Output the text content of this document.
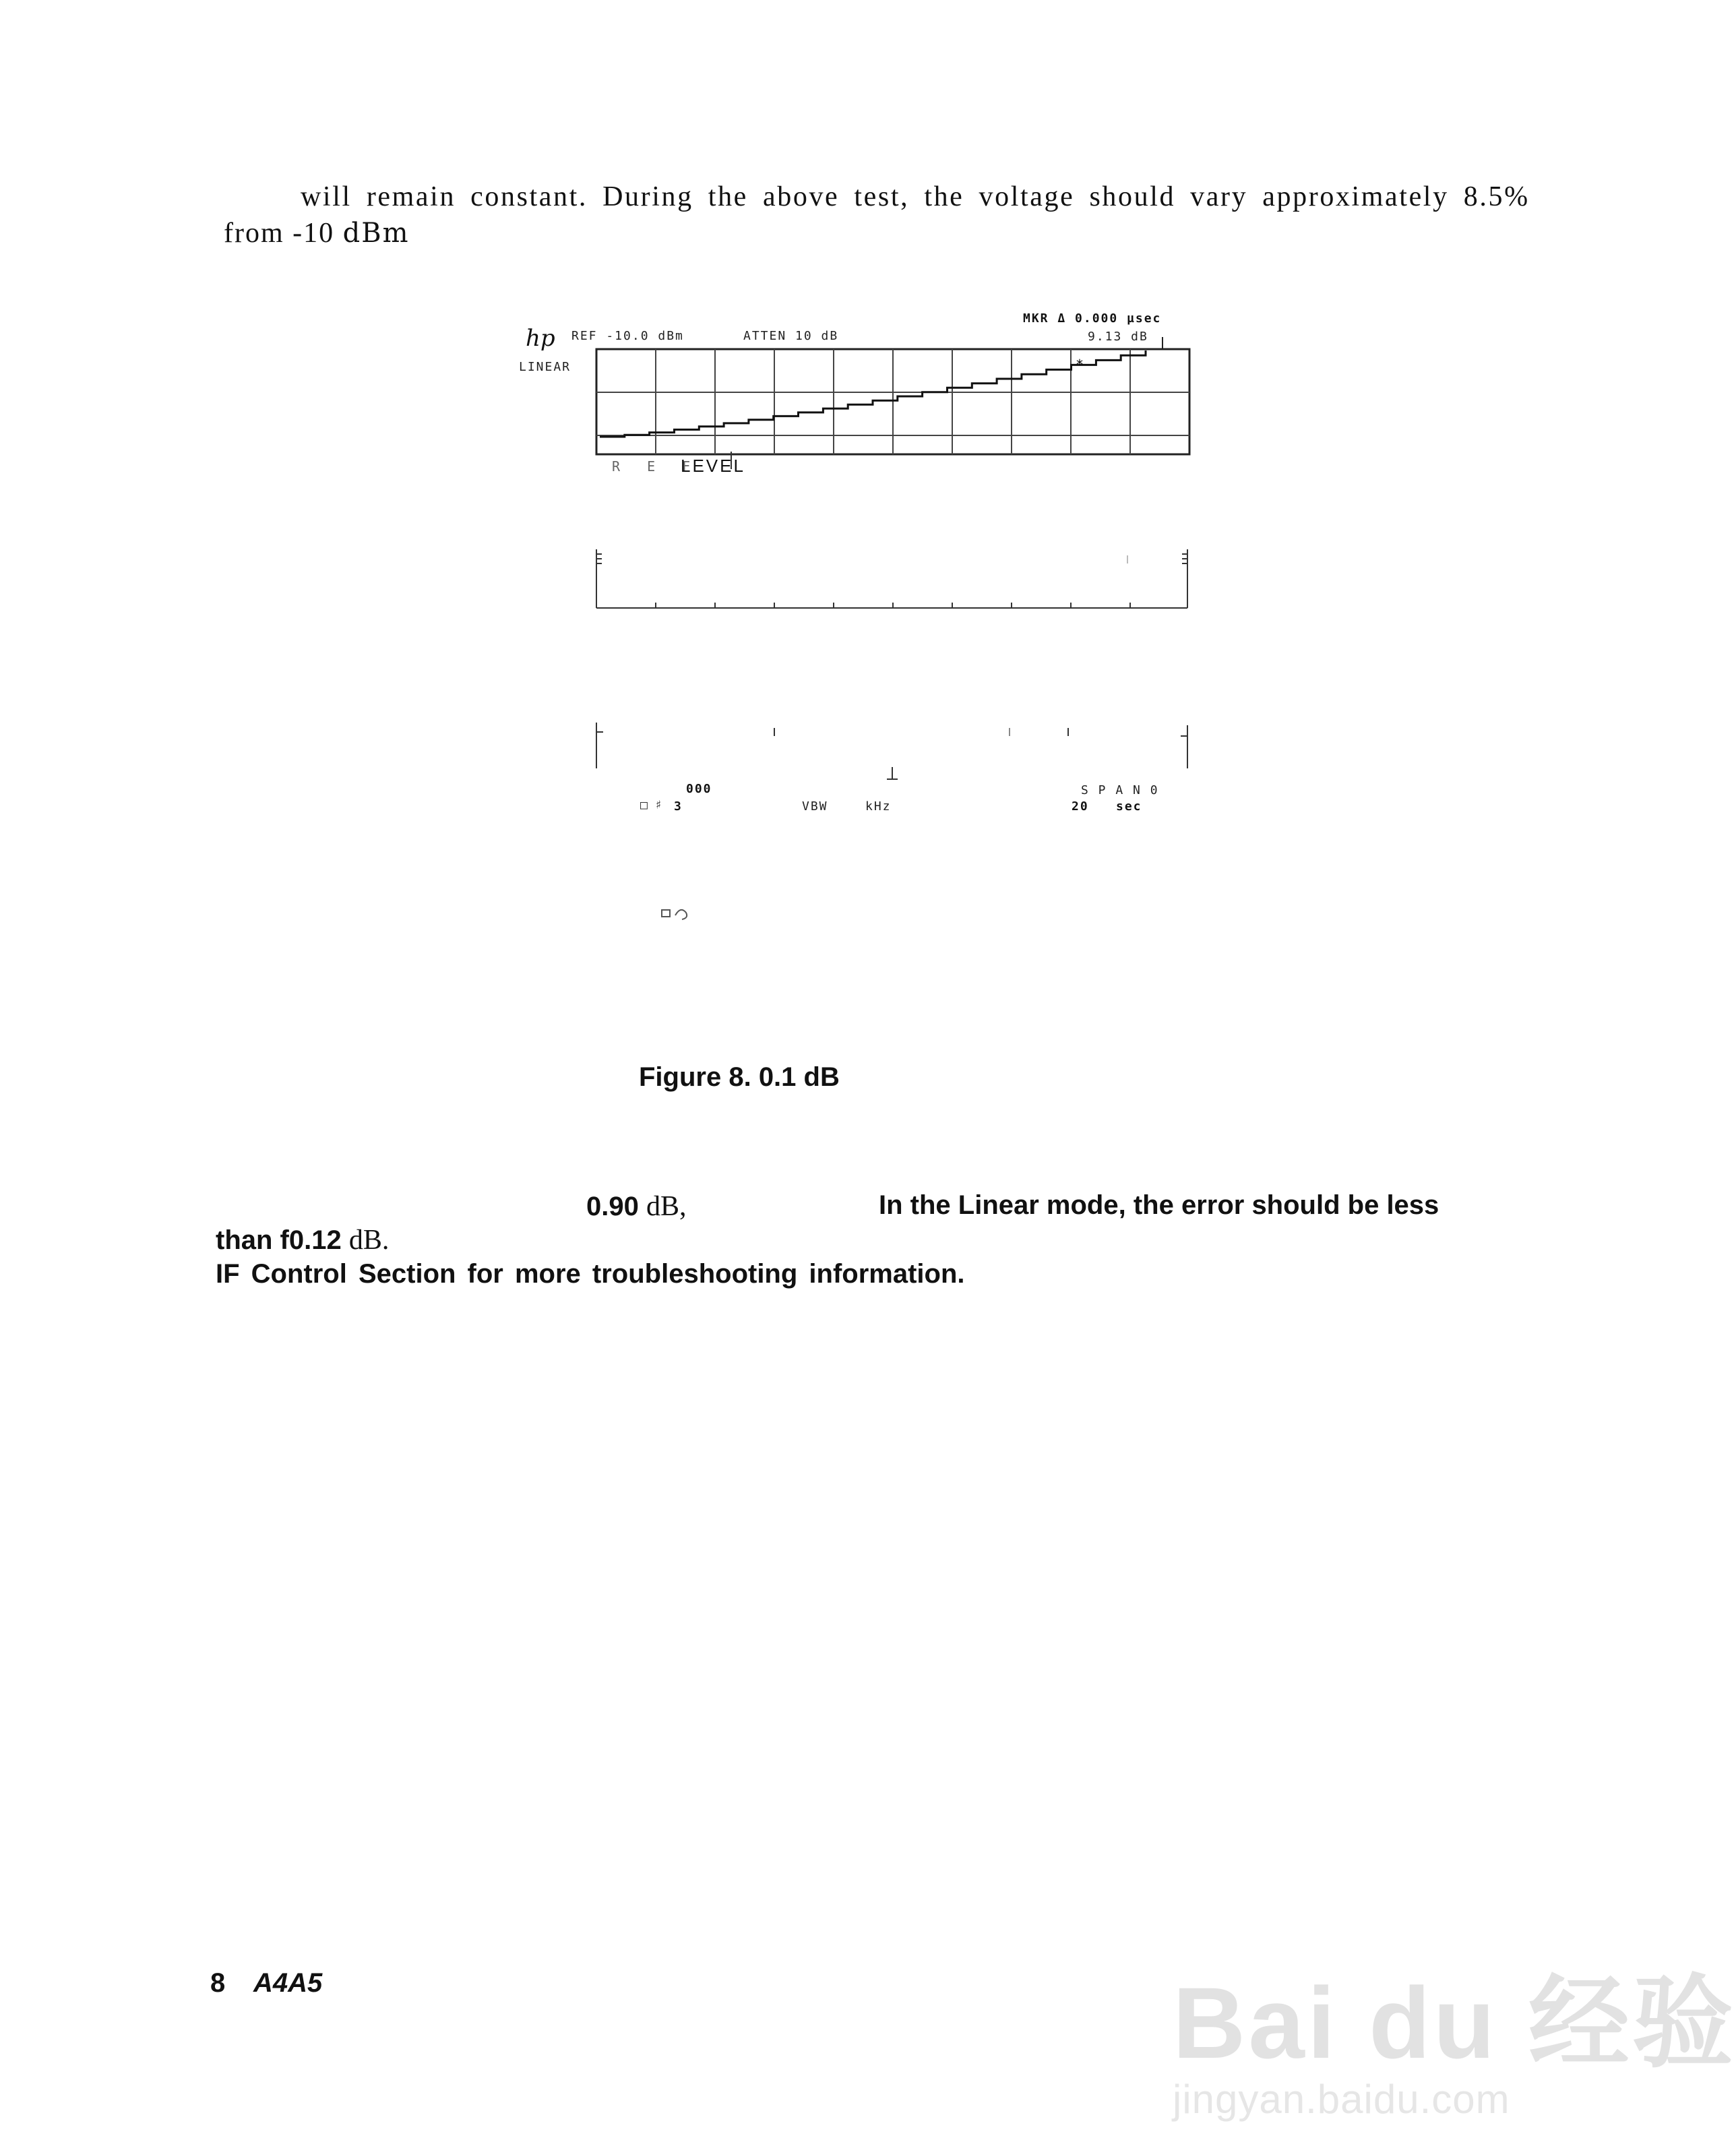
will remain constant. During the above test, the voltage should vary approximately 8.5%
from -10 dBm
*
hp REF -10.0 dBm	ATTEN 10 dB
MKR Δ 0.000 µsec
9.13 dB
LINEAR
R E F
LEVEL
000
□ ♯ 3	VBW	kHz
S P A N 0
20 sec
Figure 8. 0.1 dB
0.90 dB,	In the Linear mode, the error should be less
than f0.12 dB.
IF Control Section for more troubleshooting information.
8 A4A5	Bai du 经验
jingyan.baidu.com
